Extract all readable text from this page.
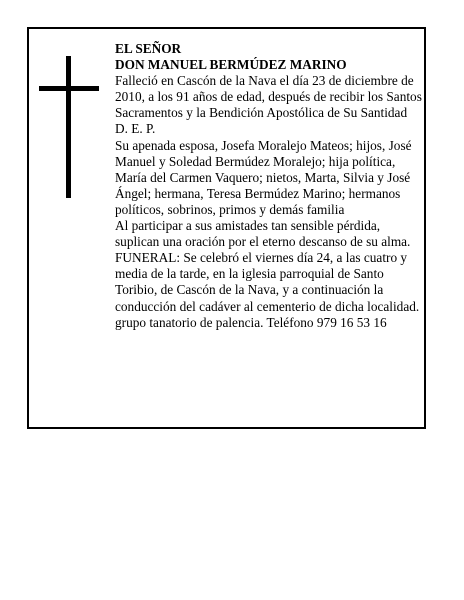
EL SEÑOR

DON MANUEL BERMÚDEZ MARINO

Falleció en Cascón de la Nava el día 23 de diciembre de 2010, a los 91 años de edad, después de recibir los Santos Sacramentos y la Bendición Apostólica de Su Santidad

D. E. P.

Su apenada esposa, Josefa Moralejo Mateos; hijos, José Manuel y Soledad Bermúdez Moralejo; hija política, María del Carmen Vaquero; nietos, Marta, Silvia y José Ángel; hermana, Teresa Bermúdez Marino; hermanos políticos, sobrinos, primos y demás familia

Al participar a sus amistades tan sensible pérdida, suplican una oración por el eterno descanso de su alma.

FUNERAL: Se celebró el viernes día 24, a las cuatro y media de la tarde, en la iglesia parroquial de Santo Toribio, de Cascón de la Nava, y a continuación la conducción del cadáver al cementerio de dicha localidad.

grupo tanatorio de palencia. Teléfono 979 16 53 16
